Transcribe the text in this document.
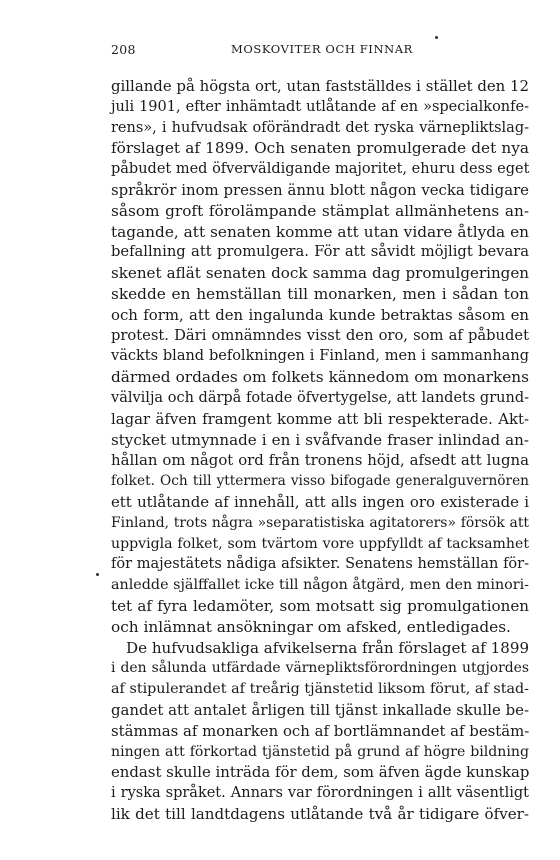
208	MOSKOVITER OCH FINNAR
gillande på högsta ort, utan fastställdes i stället den 12
juli 1901, efter inhämtadt utlåtande af en »specialkonfe-
rens», i hufvudsak oförändradt det ryska värnepliktslag-
förslaget af 1899. Och senaten promulgerade det nya
påbudet med öfverväldigande majoritet, ehuru dess eget
språkrör inom pressen ännu blott någon vecka tidigare
såsom groft förolämpande stämplat allmänhetens an-
tagande, att senaten komme att utan vidare åtlyda en
befallning att promulgera. För att såvidt möjligt bevara
skenet aflät senaten dock samma dag promulgeringen
skedde en hemställan till monarken, men i sådan ton
och form, att den ingalunda kunde betraktas såsom en
protest. Däri omnämndes visst den oro, som af påbudet
väckts bland befolkningen i Finland, men i sammanhang
därmed ordades om folkets kännedom om monarkens
välvilja och därpå fotade öfvertygelse, att landets grund-
lagar äfven framgent komme att bli respekterade. Akt-
stycket utmynnade i en i svåfvande fraser inlindad an-
hållan om något ord från tronens höjd, afsedt att lugna
folket. Och till yttermera visso bifogade generalguvernören
ett utlåtande af innehåll, att alls ingen oro existerade i
Finland, trots några »separatistiska agitatorers» försök att
uppvigla folket, som tvärtom vore uppfylldt af tacksamhet
för majestätets nådiga afsikter. Senatens hemställan för-
anledde själffallet icke till någon åtgärd, men den minori-
tet af fyra ledamöter, som motsatt sig promulgationen
och inlämnat ansökningar om afsked, entledigades.
De hufvudsakliga afvikelserna från förslaget af 1899
i den sålunda utfärdade värnepliktsförordningen utgjordes
af stipulerandet af treårig tjänstetid liksom förut, af stad-
gandet att antalet årligen till tjänst inkallade skulle be-
stämmas af monarken och af bortlämnandet af bestäm-
ningen att förkortad tjänstetid på grund af högre bildning
endast skulle inträda för dem, som äfven ägde kunskap
i ryska språket. Annars var förordningen i allt väsentligt
lik det till landtdagens utlåtande två år tidigare öfver-
